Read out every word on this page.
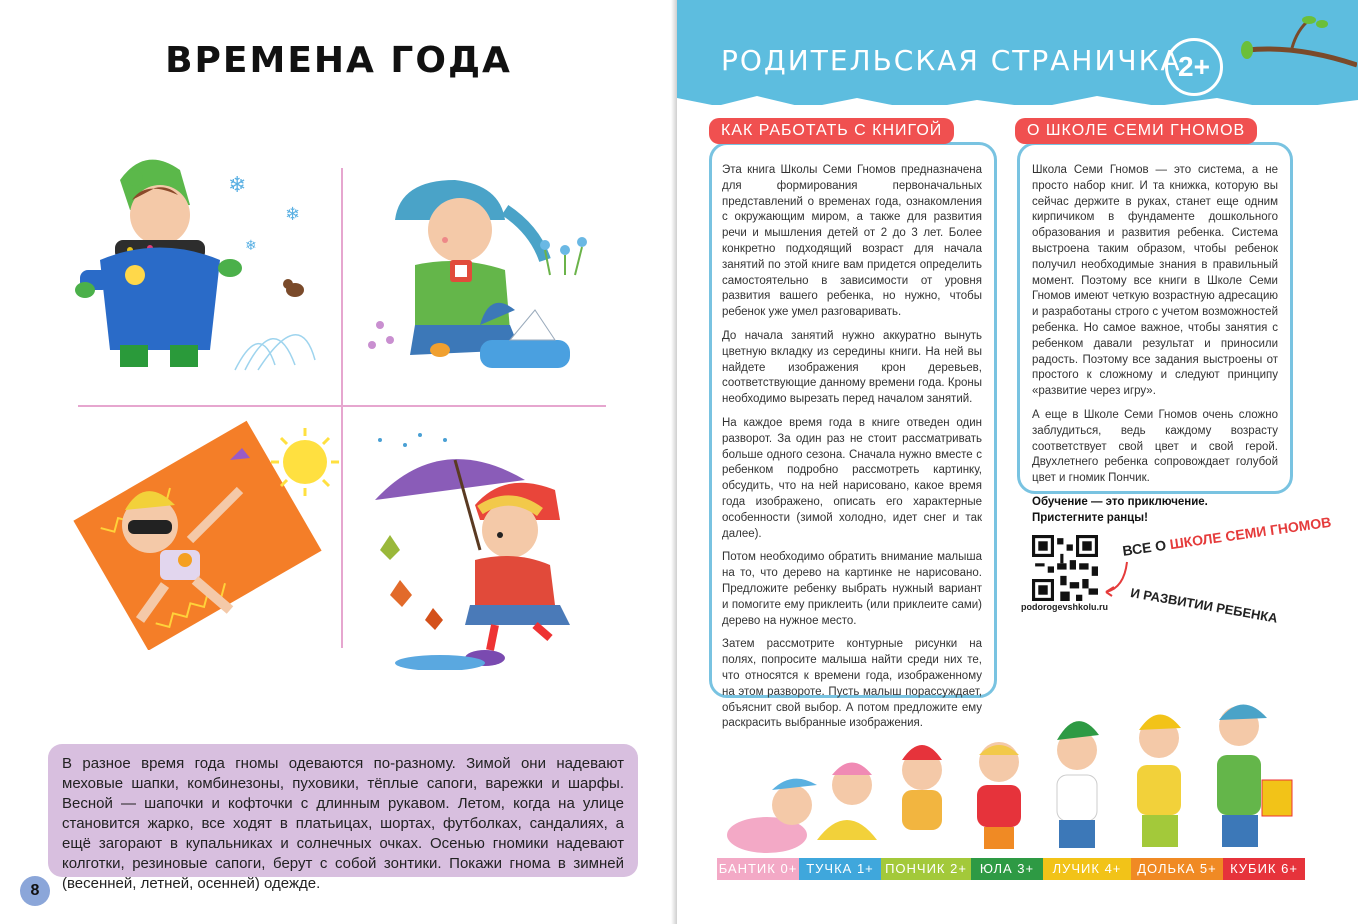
ВРЕМЕНА ГОДА
❄
❄
❄
В разное время года гномы одеваются по-разному. Зимой они надевают меховые шапки, комбинезоны, пуховики, тёплые сапоги, варежки и шарфы. Весной — шапочки и кофточки с длинным рукавом. Летом, когда на улице становится жарко, все ходят в платьицах, шортах, футболках, сандалиях, а ещё загорают в купальниках и солнечных очках. Осенью гномики надевают колготки, резиновые сапоги, берут с собой зонтики. Покажи гнома в зимней (весенней, летней, осенней) одежде.
8
РОДИТЕЛЬСКАЯ СТРАНИЧКА
2+

Эта книга Школы Семи Гномов предназначена для формирования первоначальных представлений о временах года, ознакомления с окружающим миром, а также для развития речи и мышления детей от 2 до 3 лет. Более конкретно подходящий возраст для начала занятий по этой книге вам придется определить самостоятельно в зависимости от уровня развития вашего ребенка, но нужно, чтобы ребенок уже умел разговаривать.

До начала занятий нужно аккуратно вынуть цветную вкладку из середины книги. На ней вы найдете изображения крон деревьев, соответствующие данному времени года. Кроны необходимо вырезать перед началом занятий.

На каждое время года в книге отведен один разворот. За один раз не стоит рассматривать больше одного сезона. Сначала нужно вместе с ребенком подробно рассмотреть картинку, обсудить, что на ней нарисовано, какое время года изображено, описать его характерные особенности (зимой холодно, идет снег и так далее).

Потом необходимо обратить внимание малыша на то, что дерево на картинке не нарисовано. Предложите ребенку выбрать нужный вариант и помогите ему приклеить (или приклеите сами) дерево на нужное место.

Затем рассмотрите контурные рисунки на полях, попросите малыша найти среди них те, что относятся к времени года, изображенному на этом развороте. Пусть малыш порассуждает, объяснит свой выбор. А потом предложите ему раскрасить выбранные изображения.

КАК РАБОТАТЬ С КНИГОЙ

Школа Семи Гномов — это система, а не просто набор книг. И та книжка, которую вы сейчас держите в руках, станет еще одним кирпичиком в фундаменте дошкольного образования и развития ребенка. Система выстроена таким образом, чтобы ребенок получил необходимые знания в правильный момент. Поэтому все книги в Школе Семи Гномов имеют четкую возрастную адресацию и разработаны строго с учетом возможностей ребенка. Но самое важное, чтобы занятия с ребенком давали результат и приносили радость. Поэтому все задания выстроены от простого к сложному и следуют принципу «развитие через игру».

А еще в Школе Семи Гномов очень сложно заблудиться, ведь каждому возрасту соответствует свой цвет и свой герой. Двухлетнего ребенка сопровождает голубой цвет и гномик Пончик.

Обучение — это приключение.
Пристегните ранцы!
О ШКОЛЕ СЕМИ ГНОМОВ
podorogevshkolu.ru
ВСЕ О ШКОЛЕ СЕМИ ГНОМОВ
И РАЗВИТИИ РЕБЕНКА
БАНТИК 0+ ТУЧКА 1+ ПОНЧИК 2+ ЮЛА 3+	ЛУЧИК 4+	ДОЛЬКА 5+	КУБИК 6+
